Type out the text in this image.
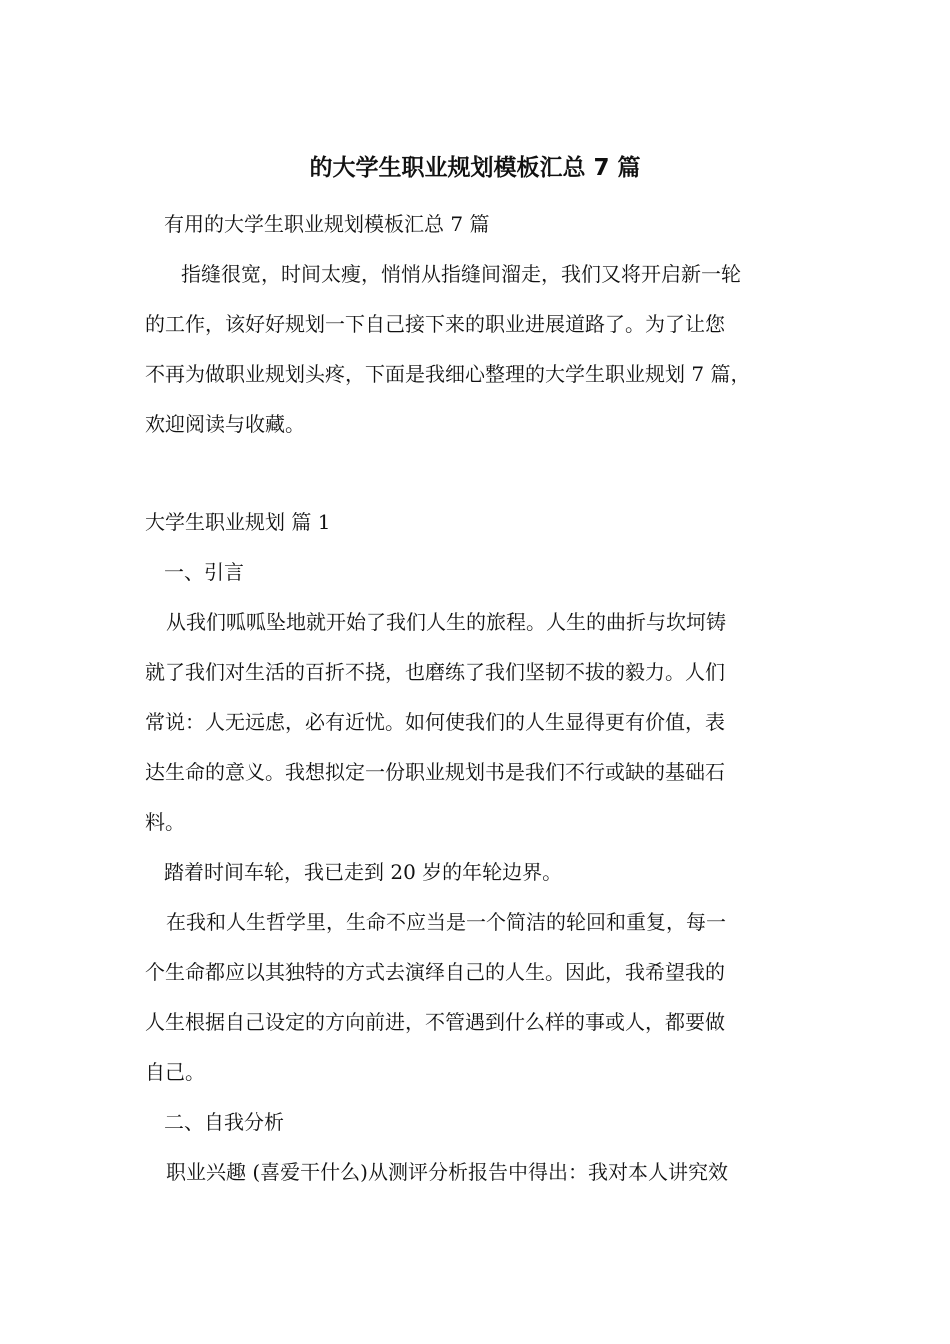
的大学生职业规划模板汇总 7 篇
有用的大学生职业规划模板汇总 7 篇
指缝很宽，时间太瘦，悄悄从指缝间溜走，我们又将开启新一轮
的工作，该好好规划一下自己接下来的职业进展道路了。为了让您
不再为做职业规划头疼，下面是我细心整理的大学生职业规划 7 篇，
欢迎阅读与收藏。
大学生职业规划 篇 1
一、引言
从我们呱呱坠地就开始了我们人生的旅程。人生的曲折与坎坷铸
就了我们对生活的百折不挠，也磨练了我们坚韧不拔的毅力。人们
常说：人无远虑，必有近忧。如何使我们的人生显得更有价值，表
达生命的意义。我想拟定一份职业规划书是我们不行或缺的基础石
料。
踏着时间车轮，我已走到 20 岁的年轮边界。
在我和人生哲学里，生命不应当是一个简洁的轮回和重复，每一
个生命都应以其独特的方式去演绎自己的人生。因此，我希望我的
人生根据自己设定的方向前进，不管遇到什么样的事或人，都要做
自己。
二、自我分析
职业兴趣 (喜爱干什么)从测评分析报告中得出：我对本人讲究效
